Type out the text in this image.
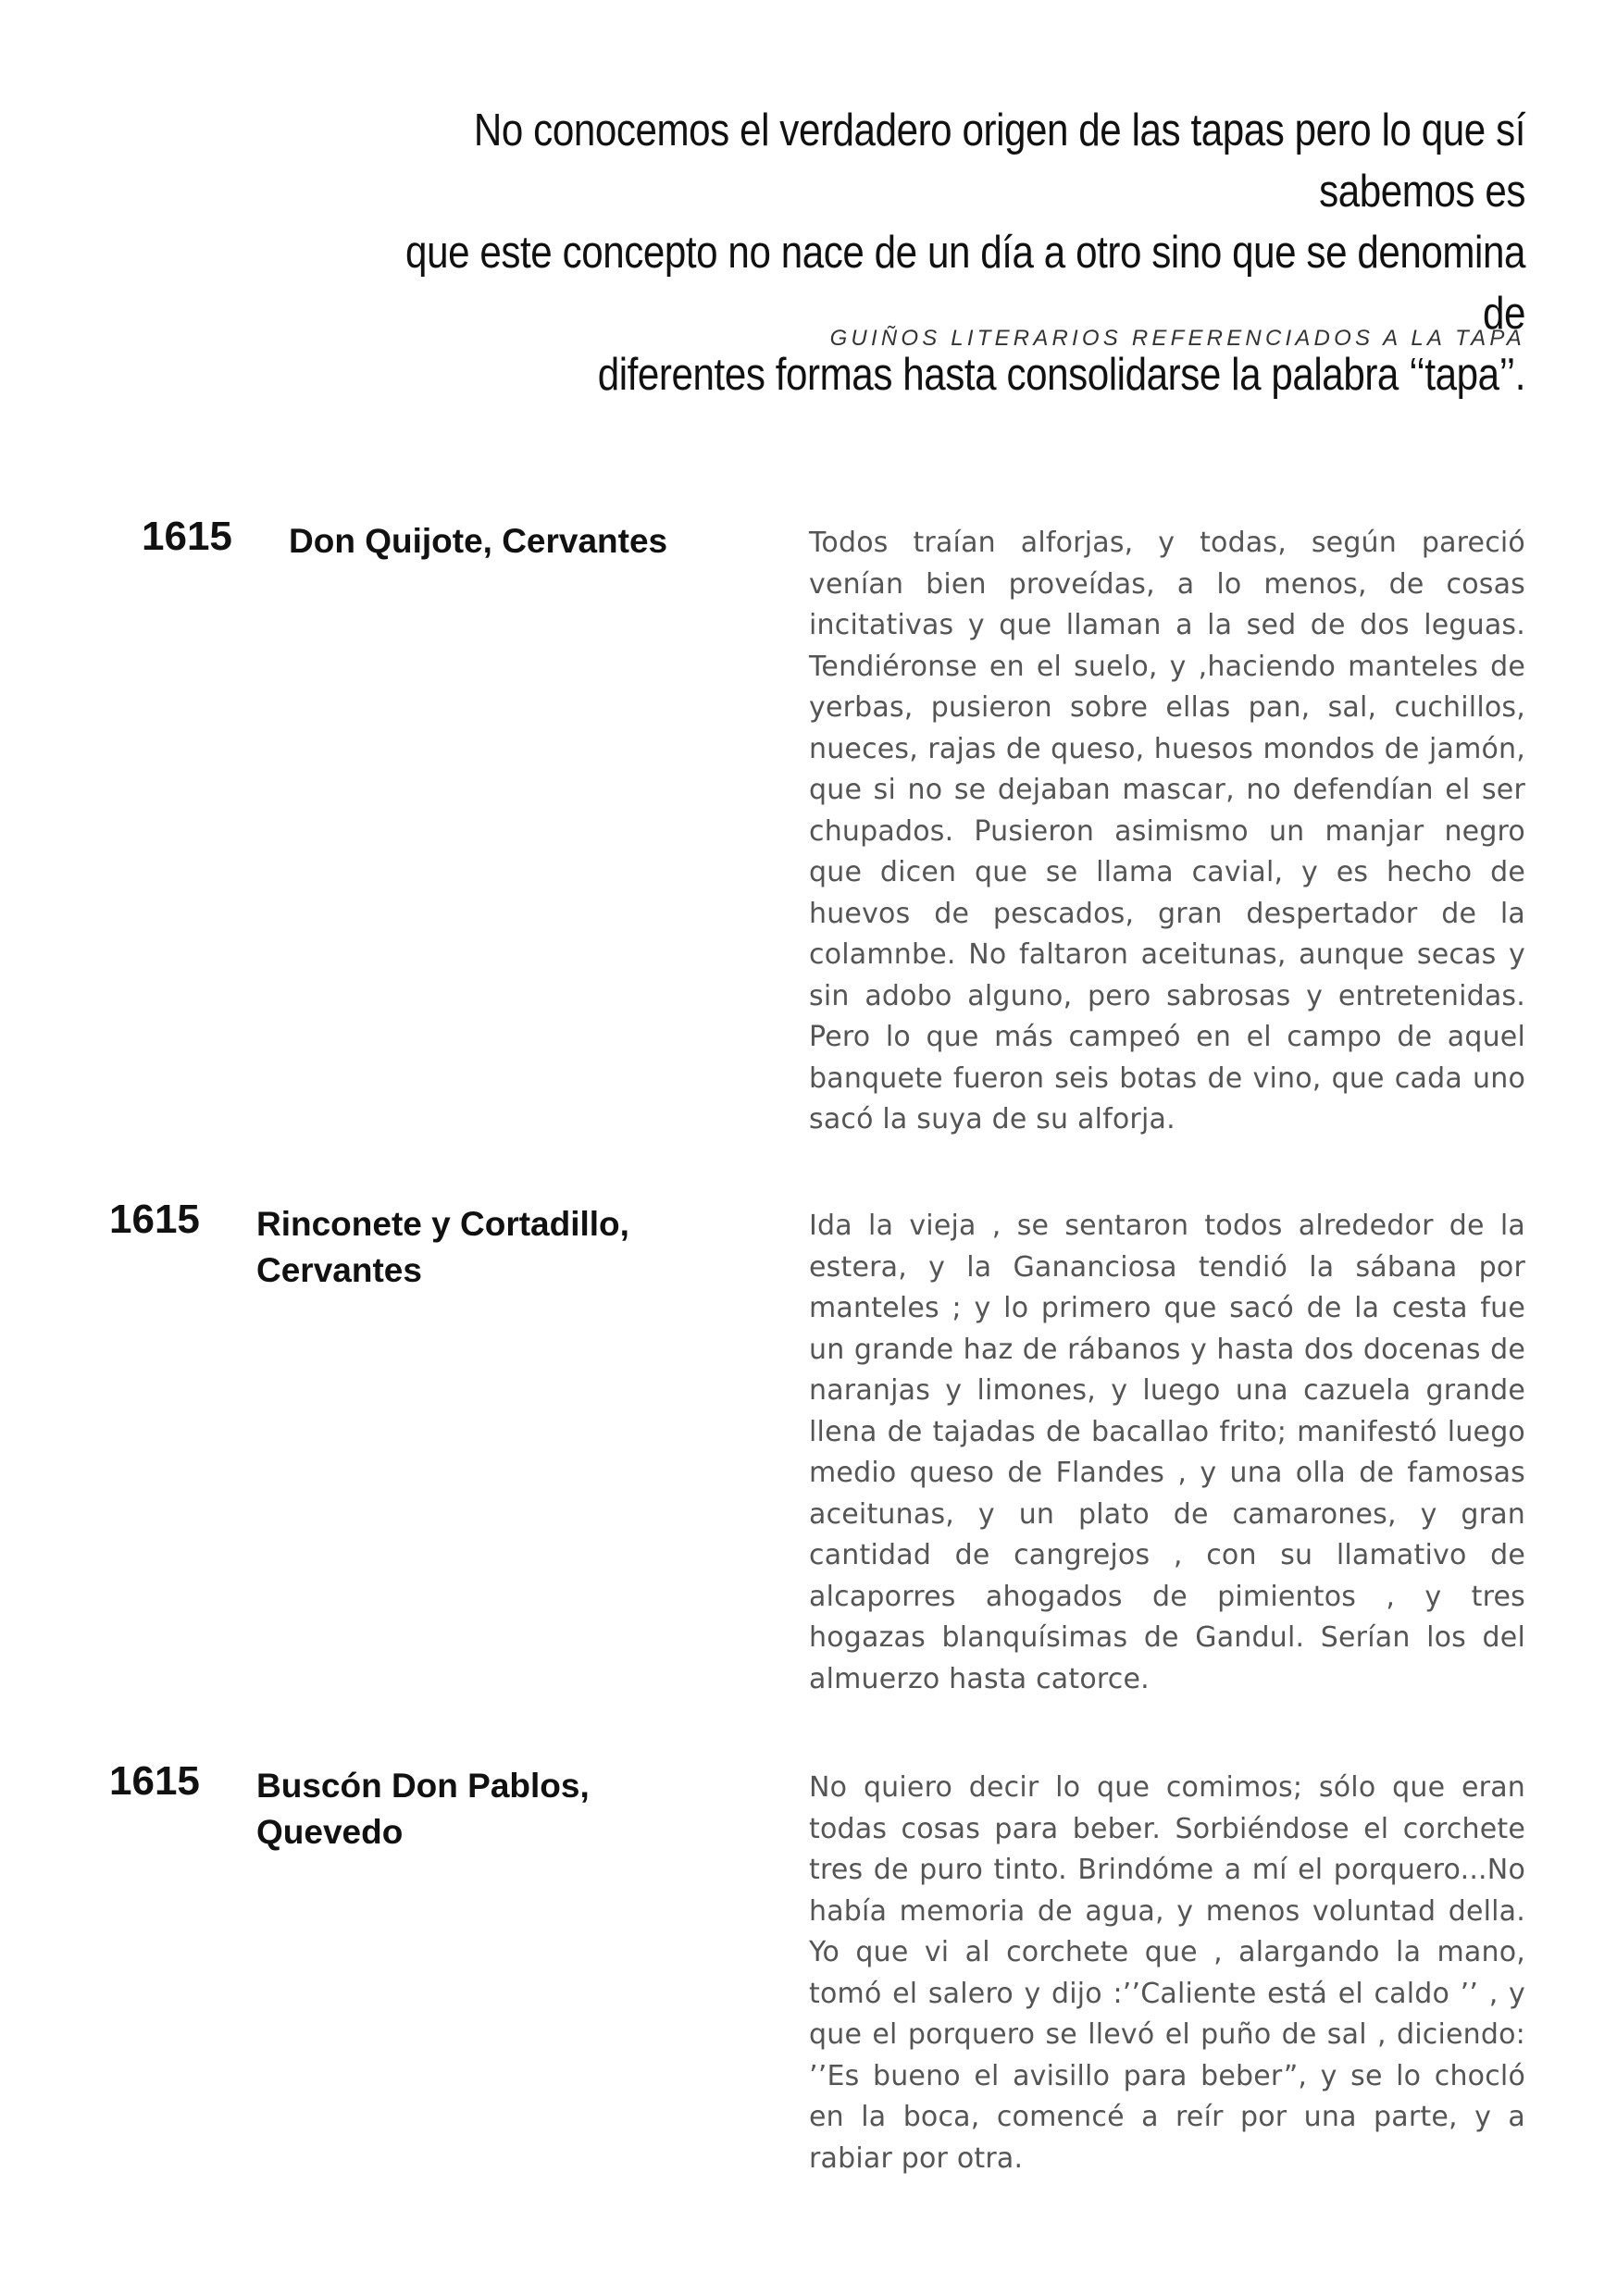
No conocemos el verdadero origen de las tapas pero lo que sí sabemos es
que este concepto no nace de un día a otro sino que se denomina de
diferentes formas hasta consolidarse la palabra ‘‘tapa’’.
GUIÑOS LITERARIOS REFERENCIADOS A LA TAPA
1615 Don Quijote, Cervantes	Todos traían alforjas, y todas, según pareció venían bien proveídas, a lo menos, de cosas incitativas y que llaman a la sed de dos leguas. Tendiéronse en el suelo, y ,haciendo manteles de yerbas, pusieron sobre ellas pan, sal, cuchillos, nueces, rajas de queso, huesos mondos de jamón, que si no se dejaban mascar, no defendían el ser chupados. Pusieron asimismo un manjar negro que dicen que se llama cavial, y es hecho de huevos de pescados, gran despertador de la colamnbe. No faltaron aceitunas, aunque secas y sin adobo alguno, pero sabrosas y entretenidas. Pero lo que más campeó en el campo de aquel banquete fueron seis botas de vino, que cada uno sacó la suya de su alforja.
1615 Rinconete y Cortadillo,
Cervantes
Ida la vieja , se sentaron todos alrededor de la estera, y la Gananciosa tendió la sábana por manteles ; y lo primero que sacó de la cesta fue un grande haz de rábanos y hasta dos docenas de naranjas y limones, y luego una cazuela grande llena de tajadas de bacallao frito; manifestó luego medio queso de Flandes , y una olla de famosas aceitunas, y un plato de camarones, y gran cantidad de cangrejos , con su llamativo de alcaporres ahogados de pimientos , y tres hogazas blanquísimas de Gandul. Serían los del almuerzo hasta catorce.
1615 Buscón Don Pablos,
Quevedo
No quiero decir lo que comimos; sólo que eran todas cosas para beber. Sorbiéndose el corchete tres de puro tinto. Brindóme a mí el porquero...No había memoria de agua, y menos voluntad della. Yo que vi al corchete que , alargando la mano, tomó el salero y dijo :’’Caliente está el caldo ’’ , y que el porquero se llevó el puño de sal , diciendo: ’’Es bueno el avisillo para beber”, y se lo chocló en la boca, comencé a reír por una parte, y a rabiar por otra.
